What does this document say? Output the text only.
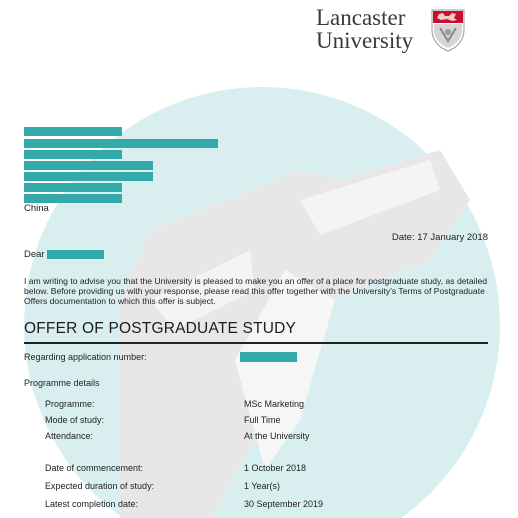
Lancaster
University
China
Date: 17 January 2018
Dear
I am writing to advise you that the University is pleased to make you an offer of a place for postgraduate study, as detailed below. Before providing us with your response, please read this offer together with the University's Terms of Postgraduate Offers documentation to which this offer is subject.
OFFER OF POSTGRADUATE STUDY
Regarding application number:
Programme details
Programme:	MSc Marketing
Mode of study:	Full Time
Attendance:	At the University
Date of commencement:	1 October 2018
Expected duration of study:	1 Year(s)
Latest completion date:	30 September 2019
